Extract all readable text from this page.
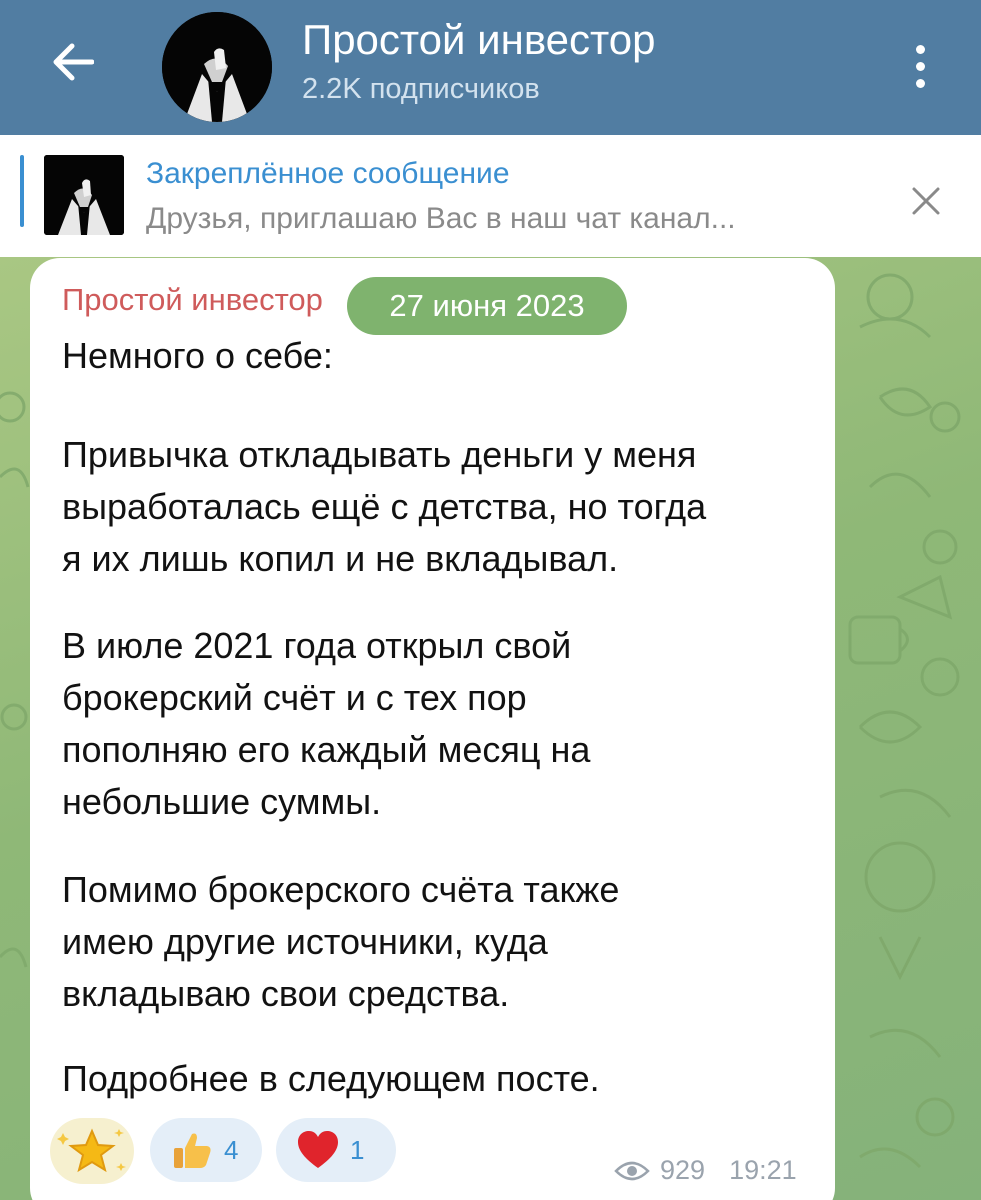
Простой инвестор
2.2K подписчиков
Закреплённое сообщение
Друзья, приглашаю Вас в наш чат канал...
Простой инвестор	27 июня 2023
Немного о себе:
Привычка откладывать деньги у меня
выработалась ещё с детства, но тогда
я их лишь копил и не вкладывал.
В июле 2021 года открыл свой
брокерский счёт и с тех пор
пополняю его каждый месяц на
небольшие суммы.
Помимо брокерского счёта также
имею другие источники, куда
вкладываю свои средства.
Подробнее в следующем посте.
4	1
929 19:21
